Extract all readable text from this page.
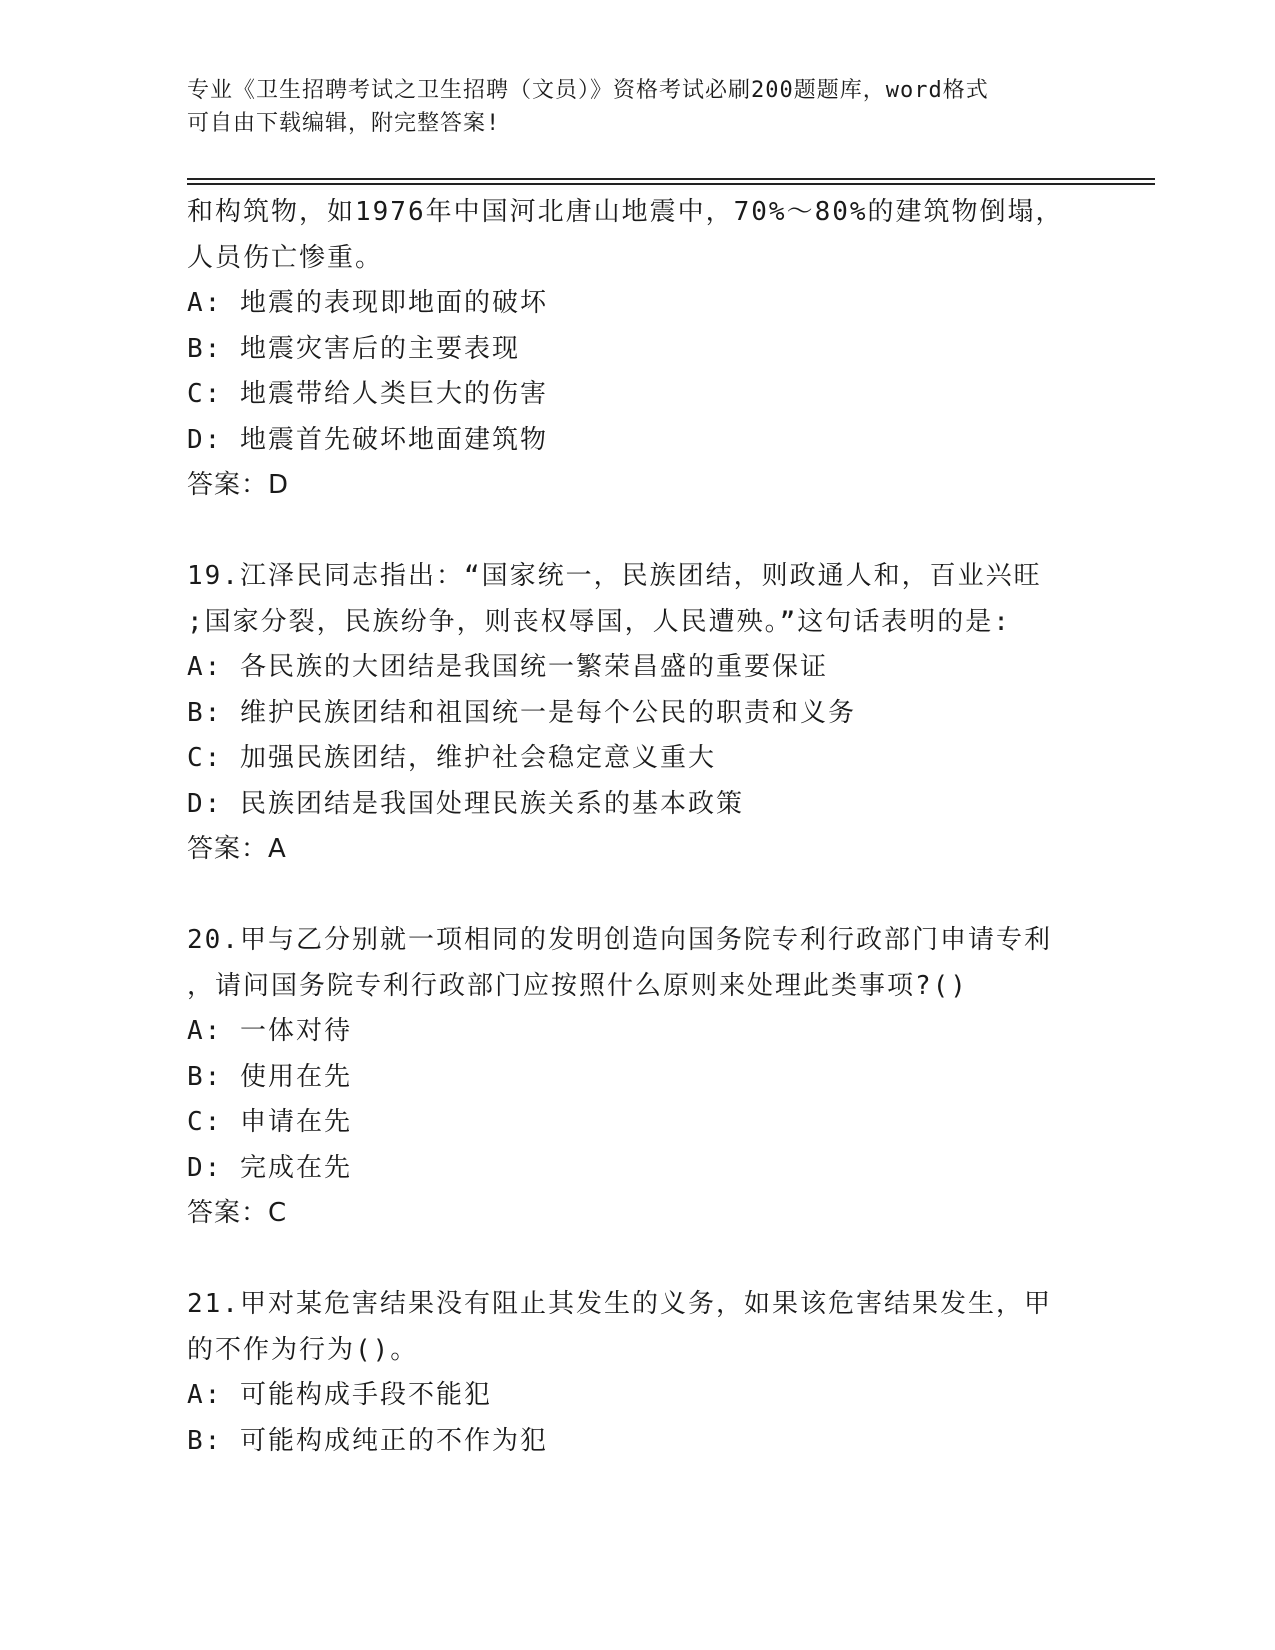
专业《卫生招聘考试之卫生招聘（文员）》资格考试必刷200题题库，word格式
可自由下载编辑，附完整答案!
和构筑物，如1976年中国河北唐山地震中，70%～80%的建筑物倒塌，
人员伤亡惨重。
A: 地震的表现即地面的破坏
B: 地震灾害后的主要表现
C: 地震带给人类巨大的伤害
D: 地震首先破坏地面建筑物
答案：D
19.江泽民同志指出：“国家统一，民族团结，则政通人和，百业兴旺
;国家分裂，民族纷争，则丧权辱国，人民遭殃。”这句话表明的是:
A: 各民族的大团结是我国统一繁荣昌盛的重要保证
B: 维护民族团结和祖国统一是每个公民的职责和义务
C: 加强民族团结，维护社会稳定意义重大
D: 民族团结是我国处理民族关系的基本政策
答案：A
20.甲与乙分别就一项相同的发明创造向国务院专利行政部门申请专利
，请问国务院专利行政部门应按照什么原则来处理此类事项?()
A: 一体对待
B: 使用在先
C: 申请在先
D: 完成在先
答案：C
21.甲对某危害结果没有阻止其发生的义务，如果该危害结果发生，甲
的不作为行为()。
A: 可能构成手段不能犯
B: 可能构成纯正的不作为犯
